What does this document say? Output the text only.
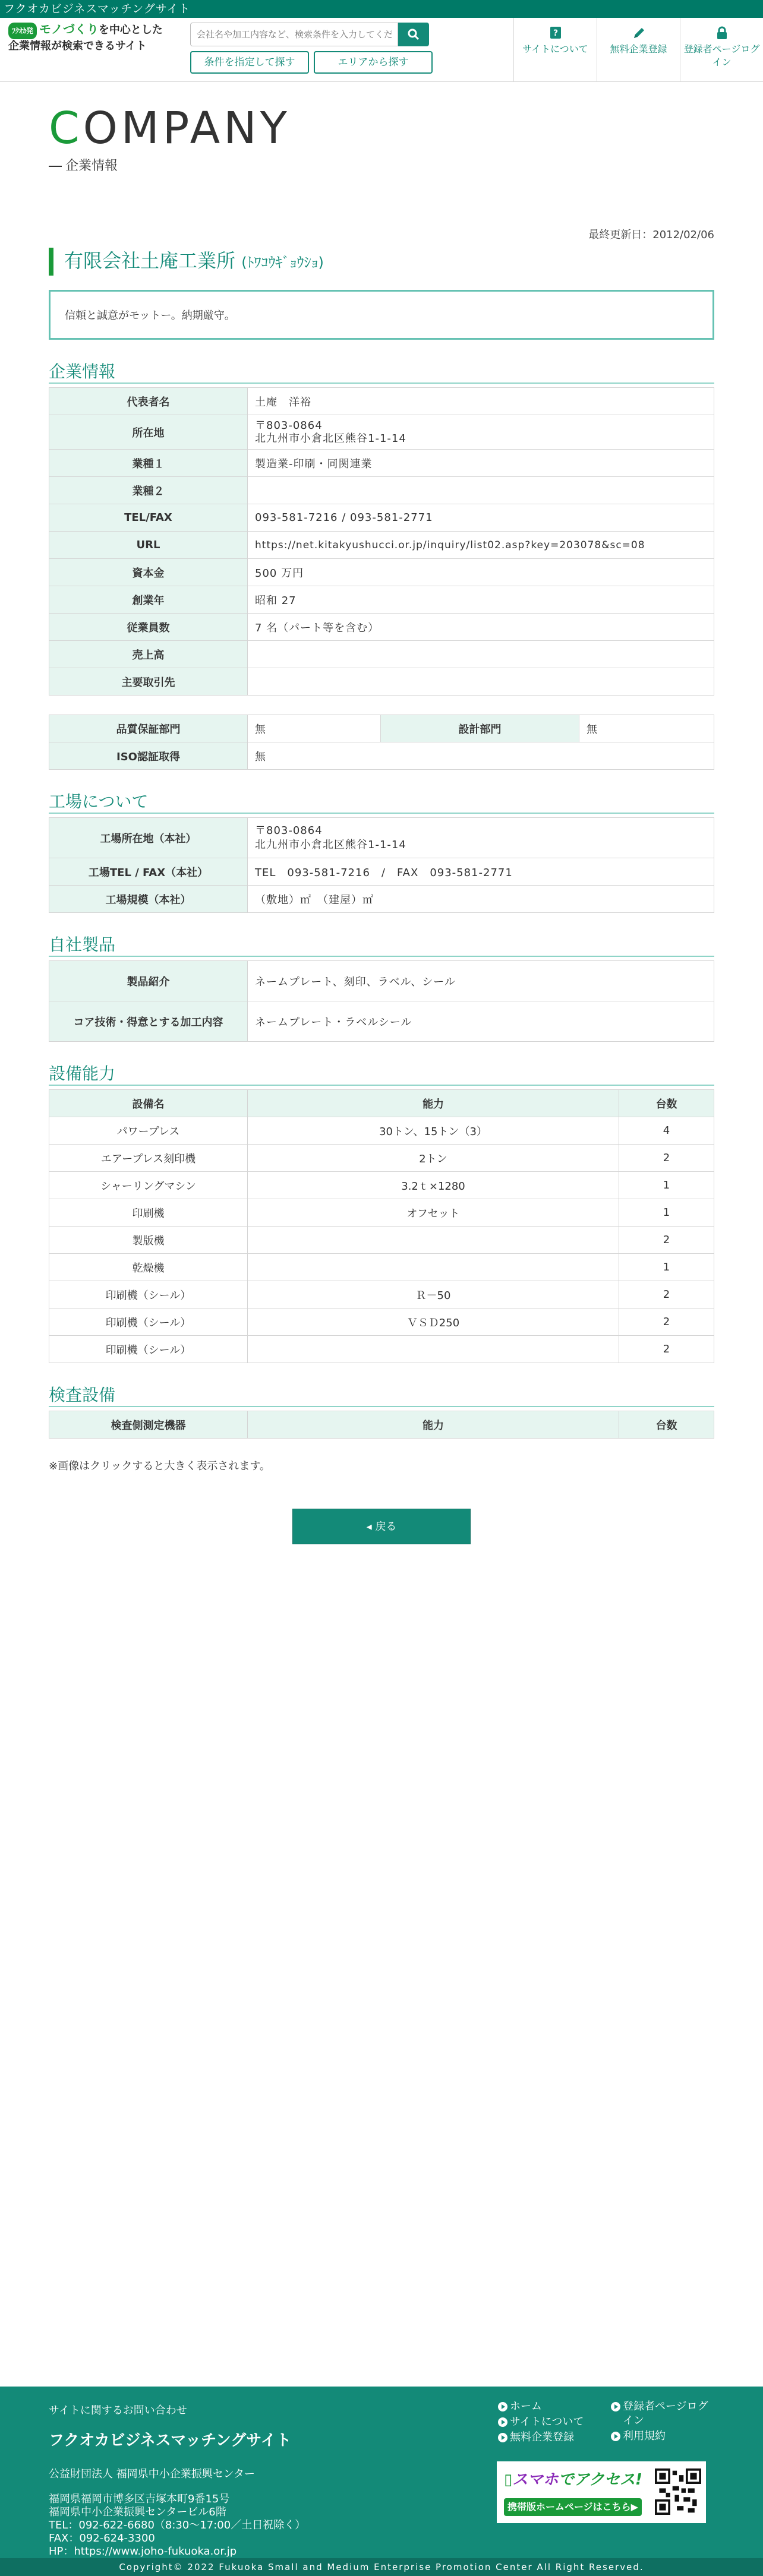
フクオカビジネスマッチングサイト
ﾌｸｵｶ発 モノづくりを中心とした
企業情報が検索できるサイト
会社名や加工内容など、検索条件を入力してください
条件を指定して探す	エリアから探す
?
サイトについて	無料企業登録	登録者ページログイン
COMPANY
企業情報
最終更新日：2012/02/06
有限会社土庵工業所 (ﾄﾜｺｳｷﾞｮｳｼｮ)
信頼と誠意がモットー。納期厳守。
企業情報
代表者名	土庵　洋裕
所在地	〒803-0864
北九州市小倉北区熊谷1-1-14
業種１	製造業-印刷・同関連業
業種２	
TEL/FAX	093-581-7216 / 093-581-2771
URL	https://net.kitakyushucci.or.jp/inquiry/list02.asp?key=203078&sc=08
資本金	500 万円
創業年	昭和 27
従業員数	7 名（パート等を含む）
売上高	
主要取引先	
品質保証部門	無	設計部門	無
ISO認証取得	無		
工場について
工場所在地（本社）	〒803-0864
北九州市小倉北区熊谷1-1-14
工場TEL / FAX（本社）	TEL　093-581-7216　/　FAX　093-581-2771
工場規模（本社）	（敷地）㎡　（建屋）㎡
自社製品
製品紹介	ネームプレート、刻印、ラベル、シール
コア技術・得意とする加工内容	ネームプレート・ラベルシール
設備能力
設備名	能力	台数
パワープレス	30トン、15トン（3）	4
エアープレス刻印機	2トン	2
シャーリングマシン	3.2ｔ×1280	1
印刷機	オフセット	1
製版機		2
乾燥機		1
印刷機（シール）	Ｒ－50	2
印刷機（シール）	ＶＳＤ250	2
印刷機（シール）		2
検査設備
検査側測定機器	能力	台数
※画像はクリックすると大きく表示されます。
◂ 戻る
サイトに関するお問い合わせ
フクオカビジネスマッチングサイト
公益財団法人 福岡県中小企業振興センター
福岡県福岡市博多区吉塚本町9番15号
福岡県中小企業振興センタービル6階
TEL：092-622-6680（8:30～17:00／土日祝除く）
FAX：092-624-3300
HP：https://www.joho-fukuoka.or.jp
ホーム
サイトについて
無料企業登録
登録者ページログイン
利用規約
▯スマホでアクセス!
携帯版ホームページはこちら▶
Copyright© 2022 Fukuoka Small and Medium Enterprise Promotion Center All Right Reserved.
